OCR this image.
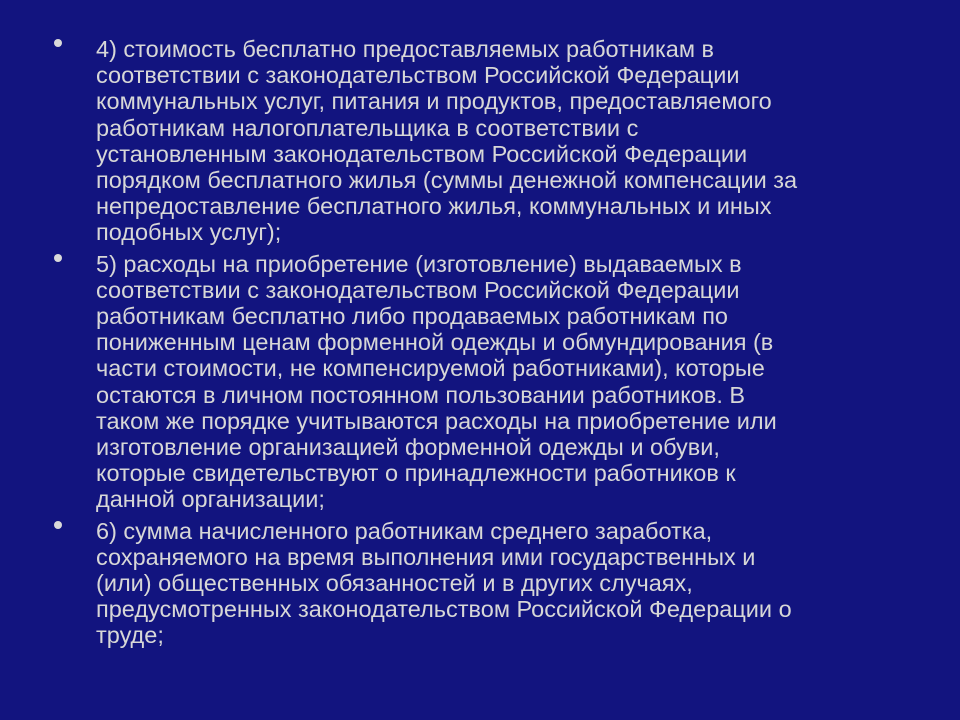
4) стоимость бесплатно предоставляемых работникам в
соответствии с законодательством Российской Федерации
коммунальных услуг, питания и продуктов, предоставляемого
работникам налогоплательщика в соответствии с
установленным законодательством Российской Федерации
порядком бесплатного жилья (суммы денежной компенсации за
непредоставление бесплатного жилья, коммунальных и иных
подобных услуг);
5) расходы на приобретение (изготовление) выдаваемых в
соответствии с законодательством Российской Федерации
работникам бесплатно либо продаваемых работникам по
пониженным ценам форменной одежды и обмундирования (в
части стоимости, не компенсируемой работниками), которые
остаются в личном постоянном пользовании работников. В
таком же порядке учитываются расходы на приобретение или
изготовление организацией форменной одежды и обуви,
которые свидетельствуют о принадлежности работников к
данной организации;
6) сумма начисленного работникам среднего заработка,
сохраняемого на время выполнения ими государственных и
(или) общественных обязанностей и в других случаях,
предусмотренных законодательством Российской Федерации о
труде;
